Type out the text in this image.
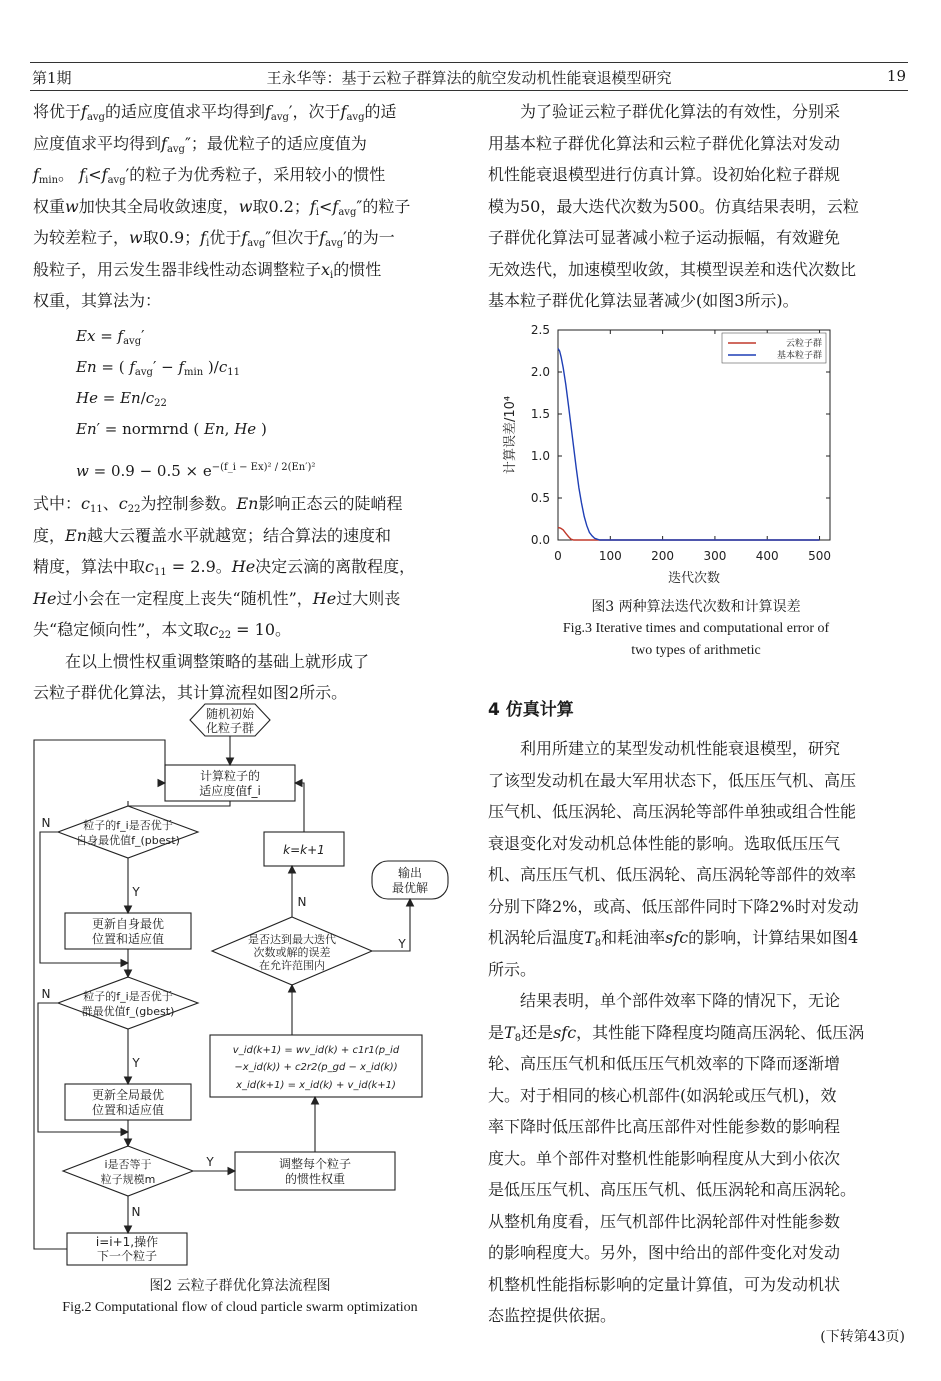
第1期	王永华等：基于云粒子群算法的航空发动机性能衰退模型研究	19

将优于$f_{avg}$的适应度值求平均得到$f_{avg}'$，次于$f_{avg}$的适

应度值求平均得到$f_{avg}''$；最优粒子的适应度值为

$f_{min}$。 $f_i<f_{avg}'$的粒子为优秀粒子，采用较小的惯性

权重w加快其全局收敛速度，w取0.2；$f_i<f_{avg}''$的粒子

为较差粒子，w取0.9；$f_i$优于$f_{avg}''$但次于$f_{avg}'$的为一

般粒子，用云发生器非线性动态调整粒子$x_i$的惯性

权重，其算法为：

$Ex = f_{avg}'$
En = ( $f_{avg}' - f_{min}$ )$/c_{11}$
$He = En/c_{22}$
En′ = normrnd ( En, He )
$w = 0.9 - 0.5 \times e^{-(f\_i - Ex)^2 / 2(En')^2}$

式中：$c_{11}$、$c_{22}$为控制参数。En影响正态云的陡峭程

度，En越大云覆盖水平就越宽；结合算法的速度和

精度，算法中取$c_{11} = 2.9$。He决定云滴的离散程度，

He过小会在一定程度上丧失“随机性”，He过大则丧

失“稳定倾向性”，本文取$c_{22} = 10$。

在以上惯性权重调整策略的基础上就形成了

云粒子群优化算法，其计算流程如图2所示。

随机初始
化粒子群
计算粒子的
适应度值f_i
粒子的f_i是否优于
自身最优值f_(pbest)
更新自身最优
位置和适应值
粒子的f_i是否优于
群最优值f_(gbest)
更新全局最优
位置和适应值
i是否等于
粒子规模m
i=i+1,操作
下一个粒子
调整每个粒子
的惯性权重
v_id(k+1) = wv_id(k) + c1r1(p_id
−x_id(k)) + c2r2(p_gd − x_id(k))
x_id(k+1) = x_id(k) + v_id(k+1)
是否达到最大迭代
次数或解的误差
在允许范围内
k=k+1
输出
最优解
N
N
Y
Y
N
Y
N
Y
图2 云粒子群优化算法流程图
Fig.2 Computational flow of cloud particle swarm optimization

为了验证云粒子群优化算法的有效性，分别采

用基本粒子群优化算法和云粒子群优化算法对发动

机性能衰退模型进行仿真计算。设初始化粒子群规

模为50，最大迭代次数为500。仿真结果表明，云粒

子群优化算法可显著减小粒子运动振幅，有效避免

无效迭代，加速模型收敛，其模型误差和迭代次数比

基本粒子群优化算法显著减少(如图3所示)。

0	100 200 300 400 500
0.0
0.5
1.0
1.5
2.0
2.5
迭代次数
计算误差/10⁴
云粒子群
基本粒子群
图3 两种算法迭代次数和计算误差
Fig.3 Iterative times and computational error of
two types of arithmetic
4 仿真计算

利用所建立的某型发动机性能衰退模型，研究

了该型发动机在最大军用状态下，低压压气机、高压

压气机、低压涡轮、高压涡轮等部件单独或组合性能

衰退变化对发动机总体性能的影响。选取低压压气

机、高压压气机、低压涡轮、高压涡轮等部件的效率

分别下降2%，或高、低压部件同时下降2%时对发动

机涡轮后温度$T_8$和耗油率sfc的影响，计算结果如图4

所示。

结果表明，单个部件效率下降的情况下，无论

是$T_8$还是sfc，其性能下降程度均随高压涡轮、低压涡

轮、高压压气机和低压压气机效率的下降而逐渐增

大。对于相同的核心机部件(如涡轮或压气机)，效

率下降时低压部件比高压部件对性能参数的影响程

度大。单个部件对整机性能影响程度从大到小依次

是低压压气机、高压压气机、低压涡轮和高压涡轮。

从整机角度看，压气机部件比涡轮部件对性能参数

的影响程度大。另外，图中给出的部件变化对发动

机整机性能指标影响的定量计算值，可为发动机状

态监控提供依据。

(下转第43页)
